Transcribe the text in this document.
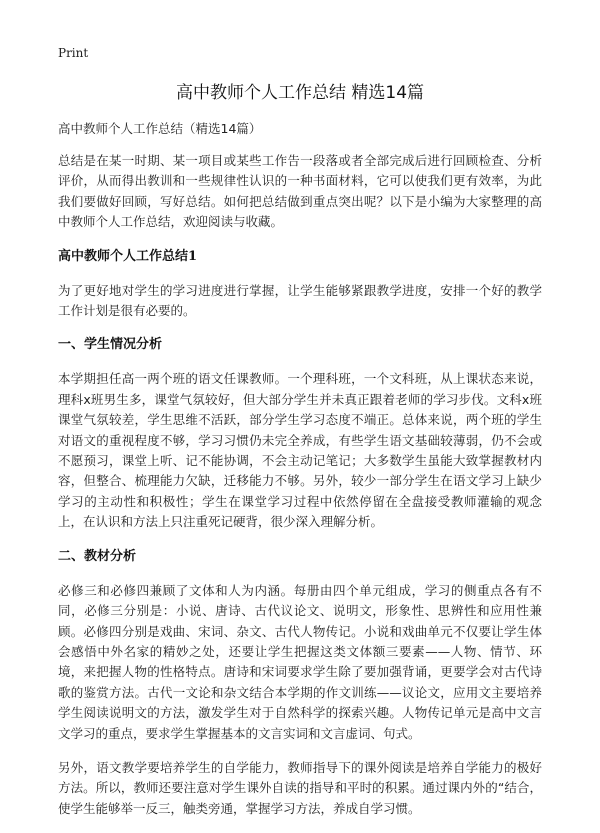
Print
高中教师个人工作总结 精选14篇
高中教师个人工作总结（精选14篇）

总结是在某一时期、某一项目或某些工作告一段落或者全部完成后进行回顾检查、分析评价，从而得出教训和一些规律性认识的一种书面材料，它可以使我们更有效率，为此我们要做好回顾，写好总结。如何把总结做到重点突出呢？以下是小编为大家整理的高中教师个人工作总结，欢迎阅读与收藏。

高中教师个人工作总结1

为了更好地对学生的学习进度进行掌握，让学生能够紧跟教学进度，安排一个好的教学工作计划是很有必要的。

一、学生情况分析

本学期担任高一两个班的语文任课教师。一个理科班，一个文科班，从上课状态来说，理科x班男生多，课堂气氛较好，但大部分学生并未真正跟着老师的学习步伐。文科x班课堂气氛较差，学生思维不活跃，部分学生学习态度不端正。总体来说，两个班的学生对语文的重视程度不够，学习习惯仍未完全养成，有些学生语文基础较薄弱，仍不会或不愿预习，课堂上听、记不能协调，不会主动记笔记；大多数学生虽能大致掌握教材内容，但整合、梳理能力欠缺，迁移能力不够。另外，较少一部分学生在语文学习上缺少学习的主动性和积极性；学生在课堂学习过程中依然停留在全盘接受教师灌输的观念上，在认识和方法上只注重死记硬背，很少深入理解分析。

二、教材分析

必修三和必修四兼顾了文体和人为内涵。每册由四个单元组成，学习的侧重点各有不同，必修三分别是：小说、唐诗、古代议论文、说明文，形象性、思辨性和应用性兼顾。必修四分别是戏曲、宋词、杂文、古代人物传记。小说和戏曲单元不仅要让学生体会感悟中外名家的精妙之处，还要让学生把握这类文体额三要素——人物、情节、环境，来把握人物的性格特点。唐诗和宋词要求学生除了要加强背诵，更要学会对古代诗歌的鉴赏方法。古代一文论和杂文结合本学期的作文训练——议论文，应用文主要培养学生阅读说明文的方法，激发学生对于自然科学的探索兴趣。人物传记单元是高中文言文学习的重点，要求学生掌握基本的文言实词和文言虚词、句式。

另外，语文教学要培养学生的自学能力，教师指导下的课外阅读是培养自学能力的极好方法。所以，教师还要注意对学生课外自读的指导和平时的积累。通过课内外的“结合，使学生能够举一反三，触类旁通，掌握学习方法，养成自学习惯。
